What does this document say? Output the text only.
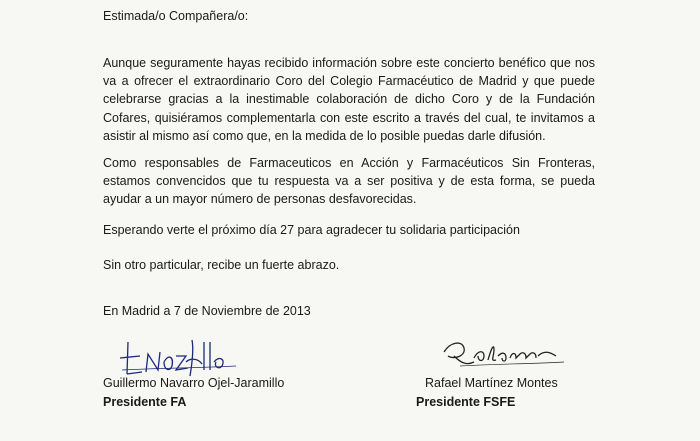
Estimada/o Compañera/o:

Aunque seguramente hayas recibido información sobre este concierto benéfico que nos va a ofrecer el extraordinario Coro del Colegio Farmacéutico de Madrid y que puede celebrarse gracias a la inestimable colaboración de dicho Coro y de la Fundación Cofares, quisiéramos complementarla con este escrito a través del cual, te invitamos a asistir al mismo así como que, en la medida de lo posible puedas darle difusión.

Como responsables de Farmaceuticos en Acción y Farmacéuticos Sin Fronteras, estamos convencidos que tu respuesta va a ser positiva y de esta forma, se pueda ayudar a un mayor número de personas desfavorecidas.

Esperando verte el próximo día 27 para agradecer tu solidaria participación

Sin otro particular, recibe un fuerte abrazo.

En Madrid a 7 de Noviembre de 2013
Guillermo Navarro Ojel-Jaramillo	Rafael Martínez Montes
Presidente FA	Presidente FSFE
